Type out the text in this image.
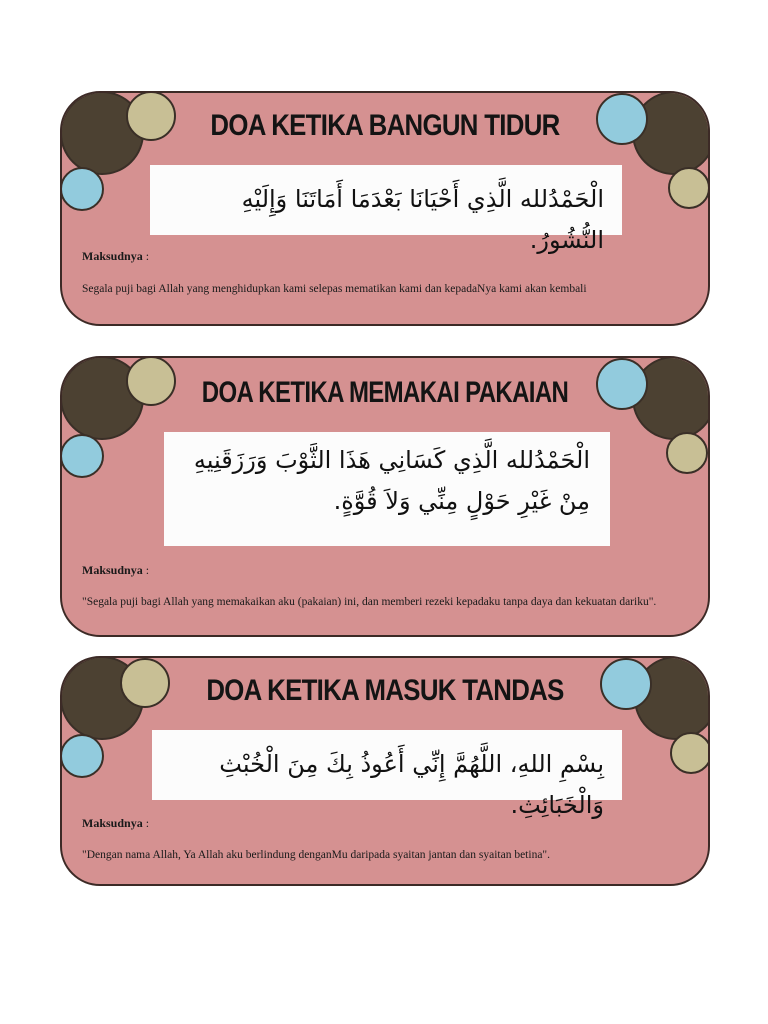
DOA KETIKA BANGUN TIDUR
الْحَمْدُلله الَّذِي أَحْيَانَا بَعْدَمَا أَمَاتَنَا وَإِلَيْهِ النُّشُورُ.

Maksudnya :

Segala puji bagi Allah yang menghidupkan kami selepas mematikan kami dan kepadaNya kami akan kembali

DOA KETIKA MEMAKAI PAKAIAN
الْحَمْدُلله الَّذِي كَسَانِي هَذَا الثَّوْبَ وَرَزَقَنِيهِ مِنْ غَيْرِ حَوْلٍ مِنِّي وَلاَ قُوَّةٍ.

Maksudnya :

"Segala puji bagi Allah yang memakaikan aku (pakaian) ini, dan memberi rezeki kepadaku tanpa daya dan kekuatan dariku".

DOA KETIKA MASUK TANDAS
بِسْمِ اللهِ، اللَّهُمَّ إِنِّي أَعُوذُ بِكَ مِنَ الْخُبْثِ وَالْخَبَائِثِ.

Maksudnya :

"Dengan nama Allah, Ya Allah aku berlindung denganMu daripada syaitan jantan dan syaitan betina".
